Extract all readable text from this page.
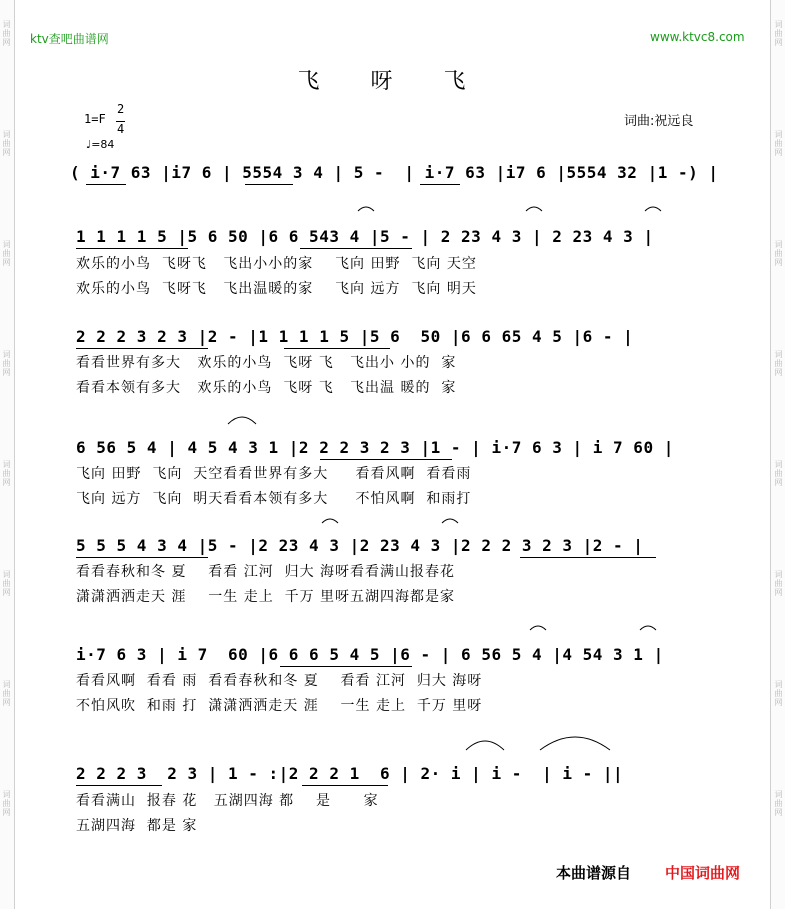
词曲网
词曲网
词曲网
词曲网
词曲网
词曲网
词曲网
词曲网
词曲网
词曲网
词曲网
词曲网
词曲网
词曲网
词曲网
词曲网
ktv查吧曲谱网	www.ktvc8.com
飞 呀 飞
词曲:祝远良
1=F
2
4
♩=84
( i·7 63 |i7 6 | 5554 3 4 | 5 -  | i·7 63 |i7 6 |5554 32 |1 -) |
1 1 1 1 5 |5 6 50 |6 6 543 4 |5 - | 2 23 4 3 | 2 23 4 3 |
欢乐的小鸟  飞呀飞   飞出小小的家    飞向 田野  飞向 天空
欢乐的小鸟  飞呀飞   飞出温暖的家    飞向 远方  飞向 明天
2 2 2 3 2 3 |2 - |1 1 1 1 5 |5 6  50 |6 6 65 4 5 |6 - |
看看世界有多大   欢乐的小鸟  飞呀 飞   飞出小 小的  家
看看本领有多大   欢乐的小鸟  飞呀 飞   飞出温 暖的  家
6 56 5 4 | 4 5 4 3 1 |2 2 2 3 2 3 |1 - | i·7 6 3 | i 7 60 |
飞向 田野  飞向  天空看看世界有多大     看看风啊  看看雨
飞向 远方  飞向  明天看看本领有多大     不怕风啊  和雨打
5 5 5 4 3 4 |5 - |2 23 4 3 |2 23 4 3 |2 2 2 3 2 3 |2 - |
看看春秋和冬 夏    看看 江河  归大 海呀看看满山报春花
潇潇洒洒走天 涯    一生 走上  千万 里呀五湖四海都是家
i·7 6 3 | i 7  60 |6 6 6 5 4 5 |6 - | 6 56 5 4 |4 54 3 1 |
看看风啊  看看 雨  看看春秋和冬 夏    看看 江河  归大 海呀
不怕风吹  和雨 打  潇潇洒洒走天 涯    一生 走上  千万 里呀
2 2 2 3  2 3 | 1 - :|2 2 2 1  6 | 2· i | i -  | i - ||
看看满山  报春 花   五湖四海 都    是      家
五湖四海  都是 家
本曲谱源自 中国词曲网
